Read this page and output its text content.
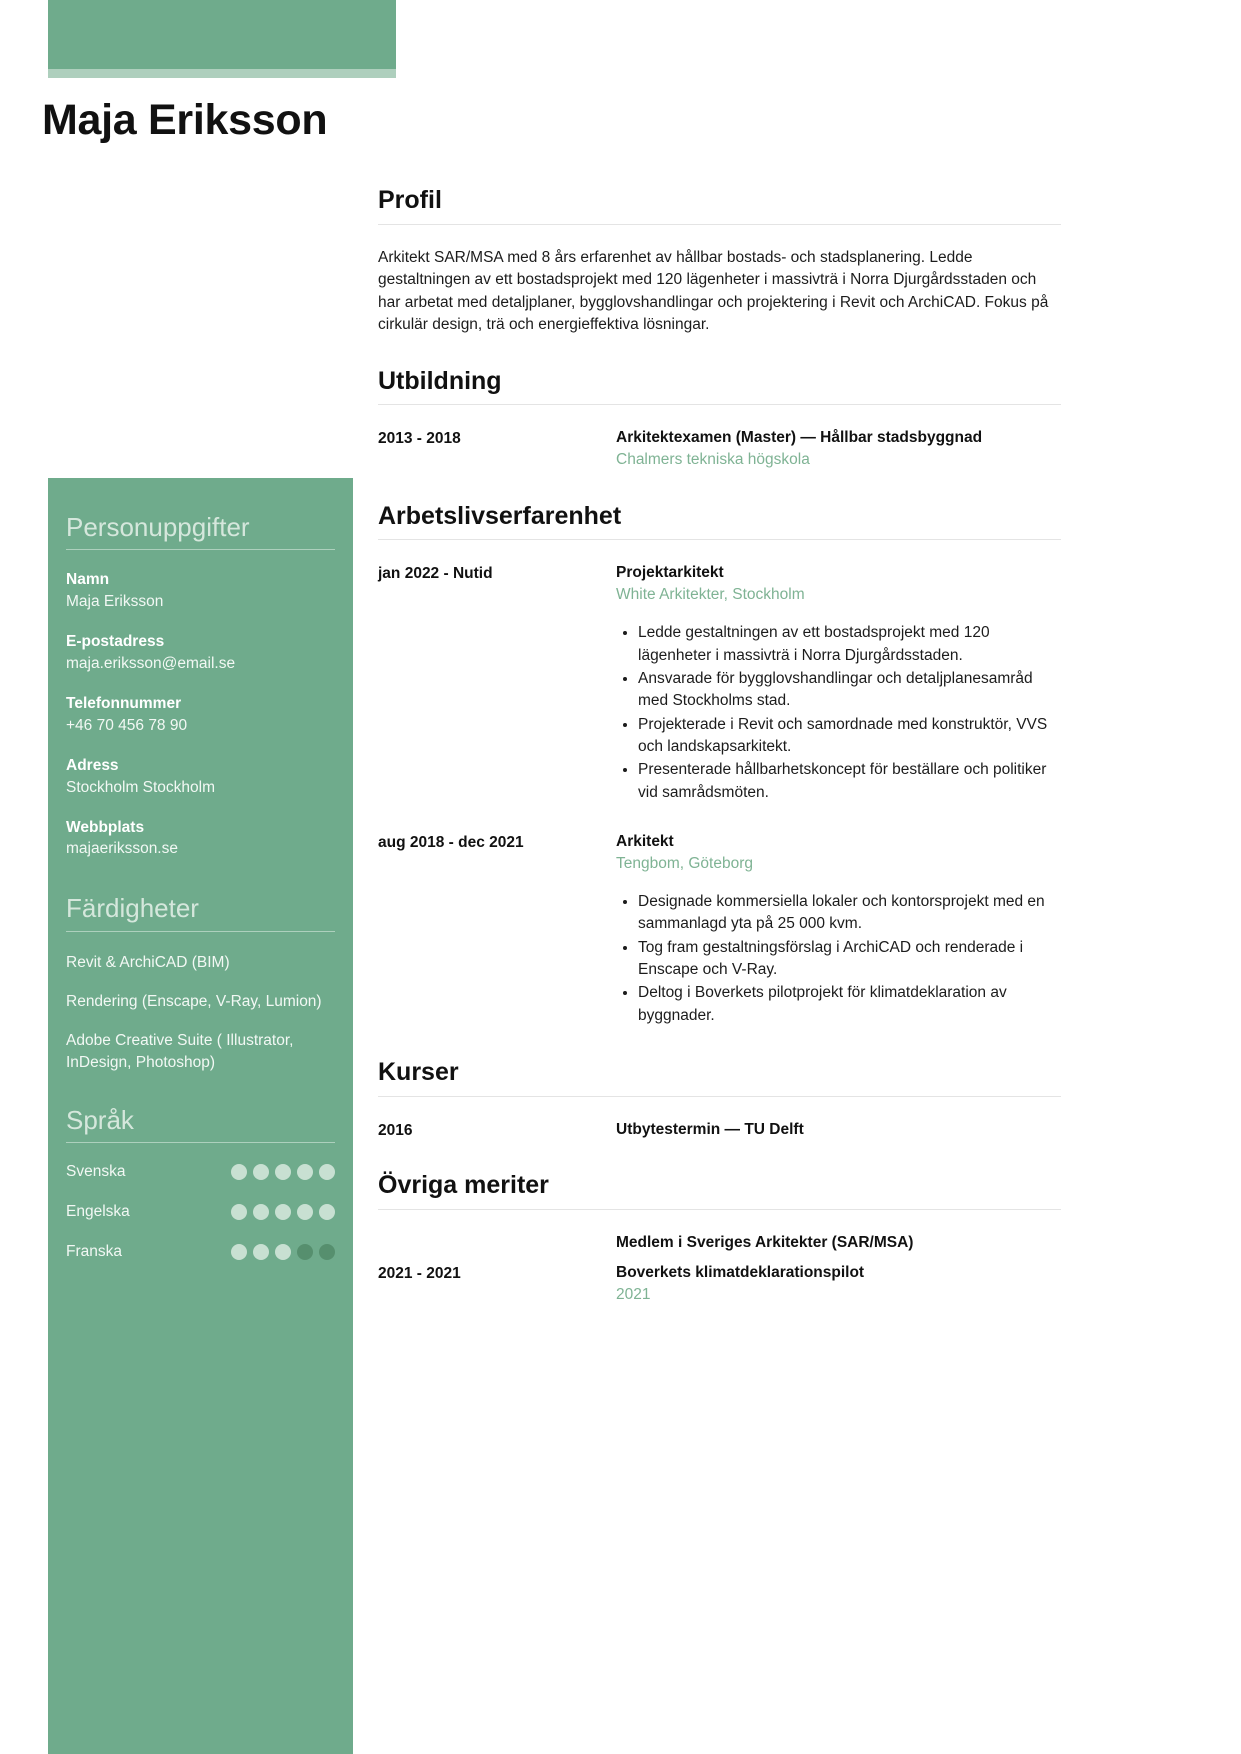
Maja Eriksson
Personuppgifter
Namn
Maja Eriksson
E-postadress
maja.eriksson@email.se
Telefonnummer
+46 70 456 78 90
Adress
Stockholm Stockholm
Webbplats
majaeriksson.se
Färdigheter
Revit & ArchiCAD (BIM)
Rendering (Enscape, V-Ray, Lumion)
Adobe Creative Suite ( Illustrator, InDesign, Photoshop)
Språk
Svenska
Engelska
Franska
Profil
Arkitekt SAR/MSA med 8 års erfarenhet av hållbar bostads- och stadsplanering. Ledde gestaltningen av ett bostadsprojekt med 120 lägenheter i massivträ i Norra Djurgårdsstaden och har arbetat med detaljplaner, bygglovshandlingar och projektering i Revit och ArchiCAD. Fokus på cirkulär design, trä och energieffektiva lösningar.
Utbildning
2013 - 2018	Arkitektexamen (Master) — Hållbar stadsbyggnad
Chalmers tekniska högskola
Arbetslivserfarenhet
jan 2022 - Nutid	Projektarkitekt
White Arkitekter, Stockholm
• Ledde gestaltningen av ett bostadsprojekt med 120 lägenheter i massivträ i Norra Djurgårdsstaden.
• Ansvarade för bygglovshandlingar och detaljplanesamråd med Stockholms stad.
• Projekterade i Revit och samordnade med konstruktör, VVS och landskapsarkitekt.
• Presenterade hållbarhetskoncept för beställare och politiker vid samrådsmöten.
aug 2018 - dec 2021	Arkitekt
Tengbom, Göteborg
• Designade kommersiella lokaler och kontorsprojekt med en sammanlagd yta på 25 000 kvm.
• Tog fram gestaltningsförslag i ArchiCAD och renderade i Enscape och V-Ray.
• Deltog i Boverkets pilotprojekt för klimatdeklaration av byggnader.
Kurser
2016	Utbytestermin — TU Delft
Övriga meriter
Medlem i Sveriges Arkitekter (SAR/MSA)
2021 - 2021	Boverkets klimatdeklarationspilot
2021
